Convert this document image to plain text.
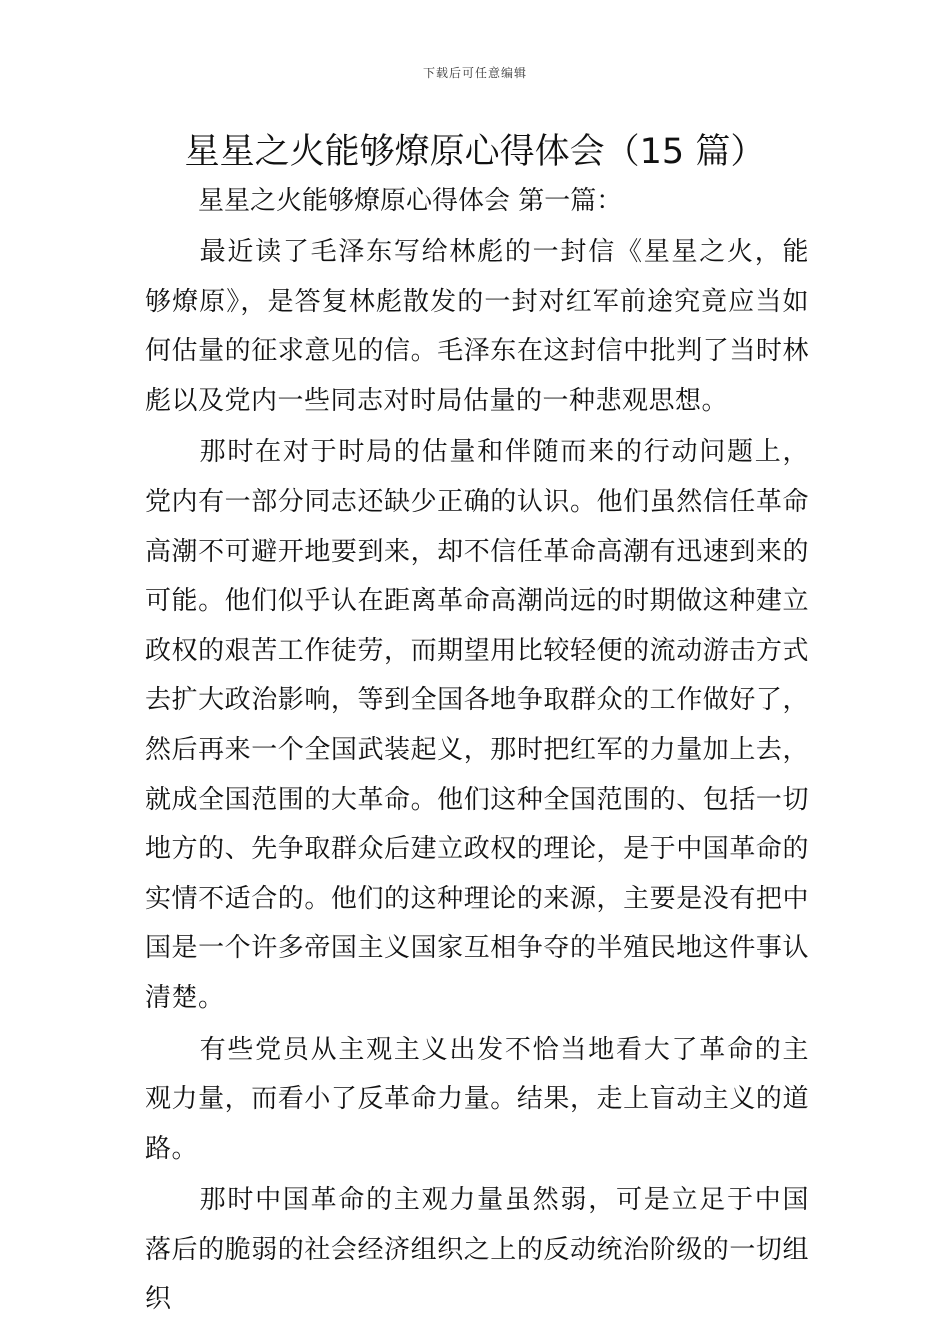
下载后可任意编辑
星星之火能够燎原心得体会（15 篇）
星星之火能够燎原心得体会 第一篇：

最近读了毛泽东写给林彪的一封信《星星之火，能够燎原》，是答复林彪散发的一封对红军前途究竟应当如何估量的征求意见的信。毛泽东在这封信中批判了当时林彪以及党内一些同志对时局估量的一种悲观思想。

那时在对于时局的估量和伴随而来的行动问题上，党内有一部分同志还缺少正确的认识。他们虽然信任革命高潮不可避开地要到来，却不信任革命高潮有迅速到来的可能。他们似乎认在距离革命高潮尚远的时期做这种建立政权的艰苦工作徒劳，而期望用比较轻便的流动游击方式去扩大政治影响，等到全国各地争取群众的工作做好了，然后再来一个全国武装起义，那时把红军的力量加上去，就成全国范围的大革命。他们这种全国范围的、包括一切地方的、先争取群众后建立政权的理论，是于中国革命的实情不适合的。他们的这种理论的来源，主要是没有把中国是一个许多帝国主义国家互相争夺的半殖民地这件事认清楚。

有些党员从主观主义出发不恰当地看大了革命的主观力量，而看小了反革命力量。结果，走上盲动主义的道路。

那时中国革命的主观力量虽然弱，可是立足于中国落后的脆弱的社会经济组织之上的反动统治阶级的一切组织
